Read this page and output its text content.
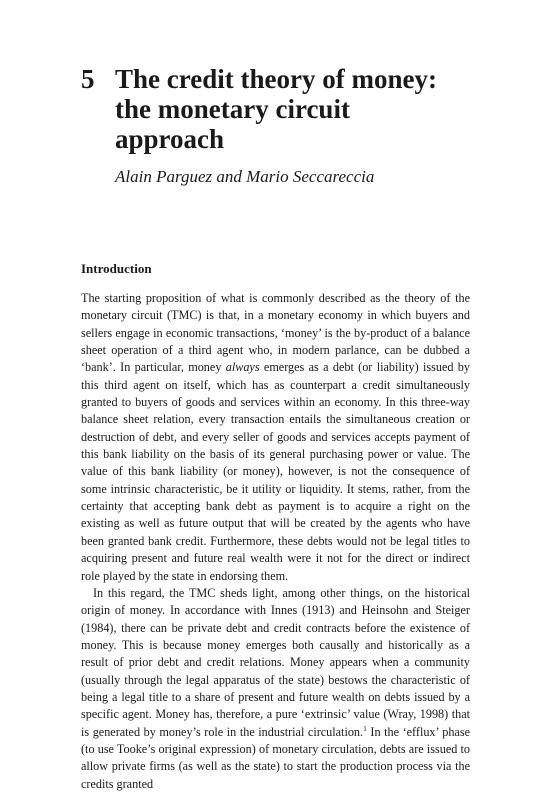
5 The credit theory of money:
the monetary circuit
approach
Alain Parguez and Mario Seccareccia
Introduction

The starting proposition of what is commonly described as the theory of the monetary circuit (TMC) is that, in a monetary economy in which buyers and sellers engage in economic transactions, ‘money’ is the by-product of a balance sheet operation of a third agent who, in modern parlance, can be dubbed a ‘bank’. In particular, money always emerges as a debt (or liability) issued by this third agent on itself, which has as counterpart a credit simultaneously granted to buyers of goods and services within an economy. In this three-way balance sheet relation, every transaction entails the simultaneous creation or destruction of debt, and every seller of goods and services accepts payment of this bank liability on the basis of its general purchasing power or value. The value of this bank liability (or money), however, is not the consequence of some intrinsic characteristic, be it utility or liquidity. It stems, rather, from the certainty that accepting bank debt as payment is to acquire a right on the existing as well as future output that will be created by the agents who have been granted bank credit. Furthermore, these debts would not be legal titles to acquiring present and future real wealth were it not for the direct or indirect role played by the state in endorsing them.

In this regard, the TMC sheds light, among other things, on the historical origin of money. In accordance with Innes (1913) and Heinsohn and Steiger (1984), there can be private debt and credit contracts before the existence of money. This is because money emerges both causally and historically as a result of prior debt and credit relations. Money appears when a community (usually through the legal apparatus of the state) bestows the characteristic of being a legal title to a share of present and future wealth on debts issued by a specific agent. Money has, therefore, a pure ‘extrinsic’ value (Wray, 1998) that is generated by money’s role in the industrial circulation.$^1$ In the ‘efflux’ phase (to use Tooke’s original expression) of monetary circulation, debts are issued to allow private firms (as well as the state) to start the production process via the credits granted
